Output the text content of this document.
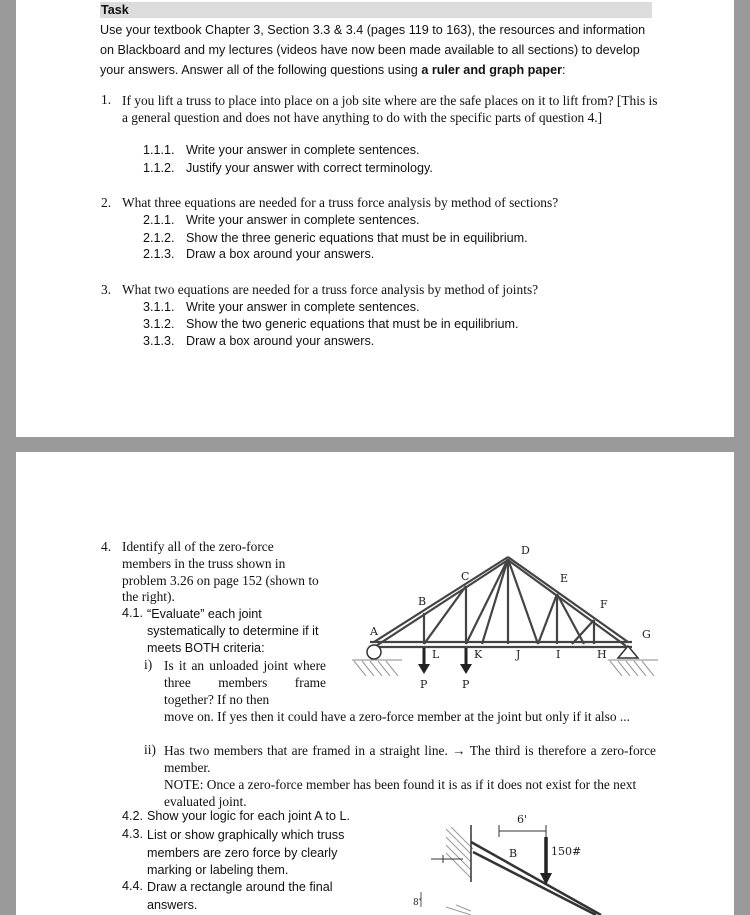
Task
Use your textbook Chapter 3, Section 3.3 & 3.4 (pages 119 to 163), the resources and information on Blackboard and my lectures (videos have now been made available to all sections) to develop your answers. Answer all of the following questions using a ruler and graph paper:
1. If you lift a truss to place into place on a job site where are the safe places on it to lift from? [This is a general question and does not have anything to do with the specific parts of question 4.]
1.1.1. Write your answer in complete sentences.
1.1.2. Justify your answer with correct terminology.
2. What three equations are needed for a truss force analysis by method of sections?
2.1.1. Write your answer in complete sentences.
2.1.2. Show the three generic equations that must be in equilibrium.
2.1.3. Draw a box around your answers.
3. What two equations are needed for a truss force analysis by method of joints?
3.1.1. Write your answer in complete sentences.
3.1.2. Show the two generic equations that must be in equilibrium.
3.1.3. Draw a box around your answers.
4. Identify all of the zero-force members in the truss shown in problem 3.26 on page 152 (shown to the right).
4.1. “Evaluate” each joint systematically to determine if it meets BOTH criteria:
i) Is it an unloaded joint where three members frame together? If no then
move on. If yes then it could have a zero-force member at the joint but only if it also ...
ii) Has two members that are framed in a straight line. → The third is therefore a zero-force member.
NOTE: Once a zero-force member has been found it is as if it does not exist for the next evaluated joint.
4.2. Show your logic for each joint A to L.
4.3. List or show graphically which truss members are zero force by clearly marking or labeling them.
4.4. Draw a rectangle around the final answers.
A
B
C
D
E
F
G
H
I
J
K
L
P	P
6'
150#
B
8'
